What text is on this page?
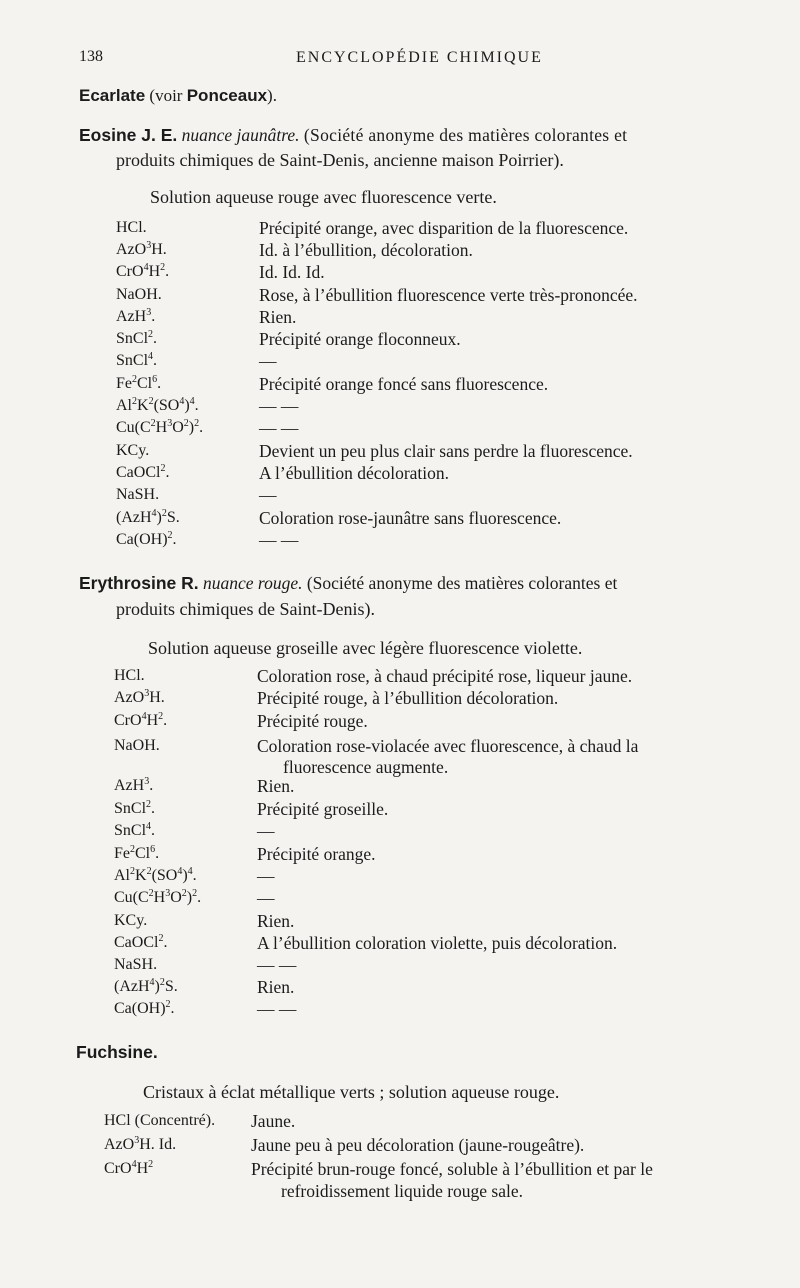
138	ENCYCLOPÉDIE CHIMIQUE
Ecarlate (voir Ponceaux).
Eosine J. E. nuance jaunâtre. (Société anonyme des matières colorantes et
produits chimiques de Saint-Denis, ancienne maison Poirrier).
Solution aqueuse rouge avec fluorescence verte.
HCl.	Précipité orange, avec disparition de la fluorescence.
AzO$^3$H.	Id. à l’ébullition, décoloration.
$CrO^4H^2$.	Id. Id. Id.
NaOH.	Rose, à l’ébullition fluorescence verte très-prononcée.
AzH$^3$.	Rien.
SnCl$^2$.	Précipité orange floconneux.
SnCl$^4$.	—
Fe$^2$Cl$^6$.	Précipité orange foncé sans fluorescence.
$Al^2K^2(SO^4)^4$.	— —
$Cu(C^2H^3O^2)^2$.	— —
KCy.	Devient un peu plus clair sans perdre la fluorescence.
CaOCl$^2$.	A l’ébullition décoloration.
NaSH.	—
$(AzH^4)^2S$.	Coloration rose-jaunâtre sans fluorescence.
Ca(OH)$^2$.	— —
Erythrosine R. nuance rouge. (Société anonyme des matières colorantes et
produits chimiques de Saint-Denis).
Solution aqueuse groseille avec légère fluorescence violette.
HCl.	Coloration rose, à chaud précipité rose, liqueur jaune.
AzO$^3$H.	Précipité rouge, à l’ébullition décoloration.
$CrO^4H^2$.	Précipité rouge.
NaOH.	Coloration rose-violacée avec fluorescence, à chaud la
fluorescence augmente.
AzH$^3$.	Rien.
SnCl$^2$.	Précipité groseille.
SnCl$^4$.	—
Fe$^2$Cl$^6$.	Précipité orange.
$Al^2K^2(SO^4)^4$.	—
$Cu(C^2H^3O^2)^2$.	—
KCy.	Rien.
CaOCl$^2$.	A l’ébullition coloration violette, puis décoloration.
NaSH.	— —
$(AzH^4)^2S$.	Rien.
Ca(OH)$^2$.	— —
Fuchsine.
Cristaux à éclat métallique verts ; solution aqueuse rouge.
HCl (Concentré). Jaune.
AzO$^3$H. Id.	Jaune peu à peu décoloration (jaune-rougeâtre).
$CrO^4H^2$	Précipité brun-rouge foncé, soluble à l’ébullition et par le
refroidissement liquide rouge sale.
